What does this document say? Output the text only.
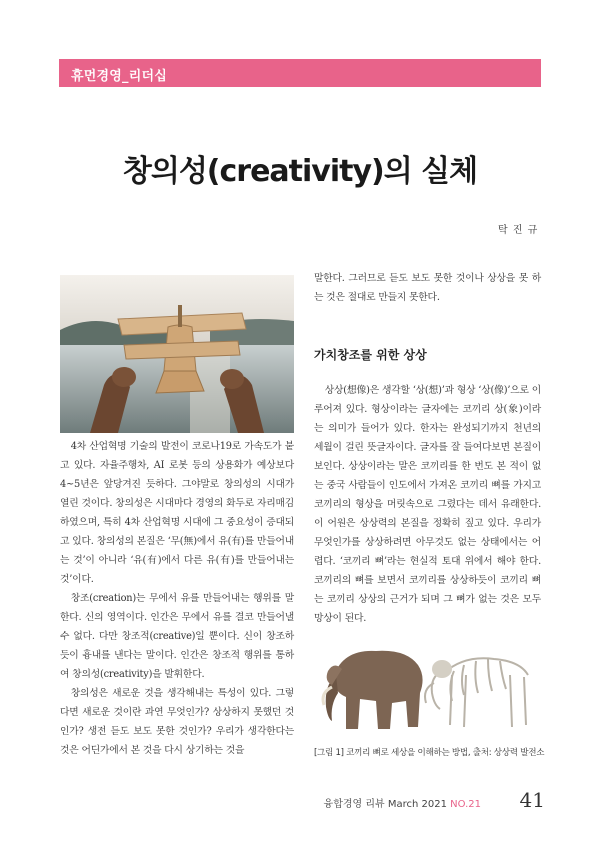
휴먼경영_리더십
창의성(creativity)의 실체
탁 진 규

4차 산업혁명 기술의 발전이 코로나19로 가속도가 붙고 있다. 자율주행차, AI 로봇 등의 상용화가 예상보다 4~5년은 앞당겨진 듯하다. 그야말로 창의성의 시대가 열린 것이다. 창의성은 시대마다 경영의 화두로 자리매김하였으며, 특히 4차 산업혁명 시대에 그 중요성이 증대되고 있다. 창의성의 본질은 ‘무(無)에서 유(有)를 만들어내는 것’이 아니라 ‘유(有)에서 다른 유(有)를 만들어내는 것’이다.

창조(creation)는 무에서 유를 만들어내는 행위를 말한다. 신의 영역이다. 인간은 무에서 유를 결코 만들어낼 수 없다. 다만 창조적(creative)일 뿐이다. 신이 창조하듯이 흉내를 낸다는 말이다. 인간은 창조적 행위를 통하여 창의성(creativity)을 발휘한다.

창의성은 새로운 것을 생각해내는 특성이 있다. 그렇다면 새로운 것이란 과연 무엇인가? 상상하지 못했던 것인가? 생전 듣도 보도 못한 것인가? 우리가 생각한다는 것은 어딘가에서 본 것을 다시 상기하는 것을

말한다. 그러므로 듣도 보도 못한 것이나 상상을 못 하는 것은 절대로 만들지 못한다.

가치창조를 위한 상상

상상(想像)은 생각할 ‘상(想)’과 형상 ‘상(像)’으로 이루어져 있다. 형상이라는 글자에는 코끼리 상(象)이라는 의미가 들어가 있다. 한자는 완성되기까지 천년의 세월이 걸린 뜻글자이다. 글자를 잘 들여다보면 본질이 보인다. 상상이라는 말은 코끼리를 한 번도 본 적이 없는 중국 사람들이 인도에서 가져온 코끼리 뼈를 가지고 코끼리의 형상을 머릿속으로 그렸다는 데서 유래한다. 이 어원은 상상력의 본질을 정확히 짚고 있다. 우리가 무엇인가를 상상하려면 아무것도 없는 상태에서는 어렵다. ‘코끼리 뼈’라는 현실적 토대 위에서 해야 한다. 코끼리의 뼈를 보면서 코끼리를 상상하듯이 코끼리 뼈는 코끼리 상상의 근거가 되며 그 뼈가 없는 것은 모두 망상이 된다.

[그림 1] 코끼리 뼈로 세상을 이해하는 방법, 출처: 상상력 발전소
융합경영 리뷰 March 2021 NO.21 41
